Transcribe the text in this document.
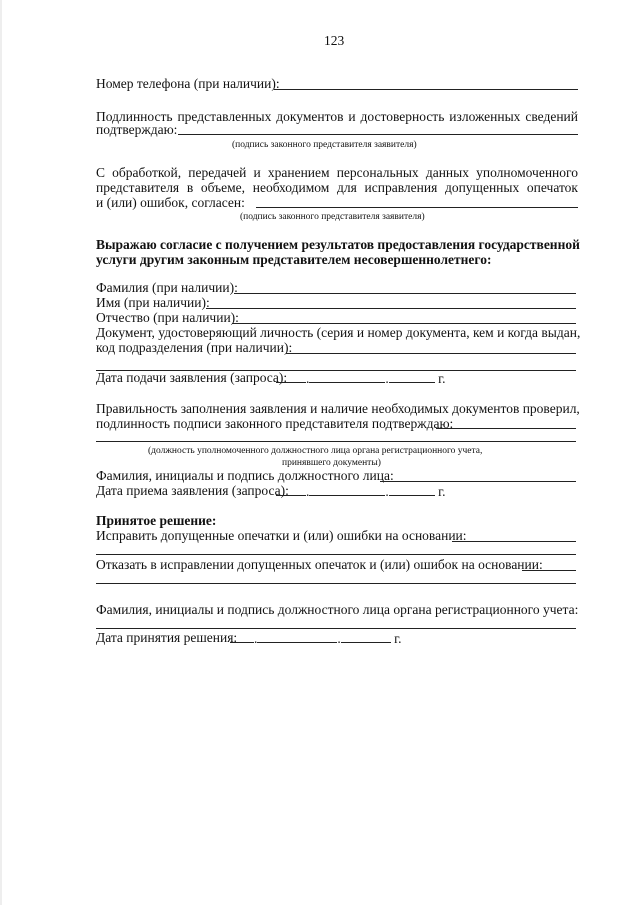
123
Номер телефона (при наличии):
Подлинность представленных документов и достоверность изложенных сведений
подтверждаю:
(подпись законного представителя заявителя)
С обработкой, передачей и хранением персональных данных уполномоченного
представителя в объеме, необходимом для исправления допущенных опечаток
и (или) ошибок, согласен:
(подпись законного представителя заявителя)
Выражаю согласие с получением результатов предоставления государственной
услуги другим законным представителем несовершеннолетнего:
Фамилия (при наличии):
Имя (при наличии):
Отчество (при наличии):
Документ, удостоверяющий личность (серия и номер документа, кем и когда выдан,
код подразделения (при наличии):
Дата подачи заявления (запроса):	.	.	г.
Правильность заполнения заявления и наличие необходимых документов проверил,
подлинность подписи законного представителя подтверждаю:
(должность уполномоченного должностного лица органа регистрационного учета,
принявшего документы)
Фамилия, инициалы и подпись должностного лица:
Дата приема заявления (запроса):	.	.	г.
Принятое решение:
Исправить допущенные опечатки и (или) ошибки на основании:
Отказать в исправлении допущенных опечаток и (или) ошибок на основании:
Фамилия, инициалы и подпись должностного лица органа регистрационного учета:
Дата принятия решения:	.	.	г.
